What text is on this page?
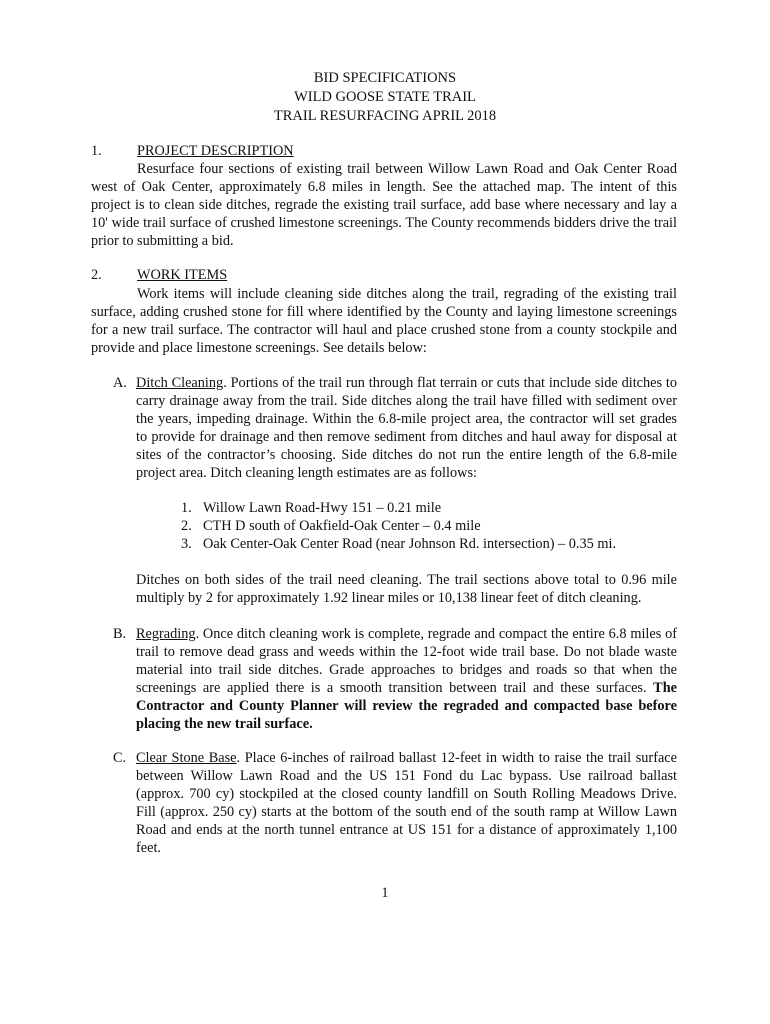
BID SPECIFICATIONS
WILD GOOSE STATE TRAIL
TRAIL RESURFACING APRIL 2018
1. PROJECT DESCRIPTION
Resurface four sections of existing trail between Willow Lawn Road and Oak Center Road west of Oak Center, approximately 6.8 miles in length. See the attached map. The intent of this project is to clean side ditches, regrade the existing trail surface, add base where necessary and lay a 10' wide trail surface of crushed limestone screenings. The County recommends bidders drive the trail prior to submitting a bid.
2. WORK ITEMS
Work items will include cleaning side ditches along the trail, regrading of the existing trail surface, adding crushed stone for fill where identified by the County and laying limestone screenings for a new trail surface. The contractor will haul and place crushed stone from a county stockpile and provide and place limestone screenings. See details below:
A. Ditch Cleaning. Portions of the trail run through flat terrain or cuts that include side ditches to carry drainage away from the trail. Side ditches along the trail have filled with sediment over the years, impeding drainage. Within the 6.8-mile project area, the contractor will set grades to provide for drainage and then remove sediment from ditches and haul away for disposal at sites of the contractor’s choosing. Side ditches do not run the entire length of the 6.8-mile project area. Ditch cleaning length estimates are as follows:
1. Willow Lawn Road-Hwy 151 – 0.21 mile
2. CTH D south of Oakfield-Oak Center – 0.4 mile
3. Oak Center-Oak Center Road (near Johnson Rd. intersection) – 0.35 mi.
Ditches on both sides of the trail need cleaning. The trail sections above total to 0.96 mile multiply by 2 for approximately 1.92 linear miles or 10,138 linear feet of ditch cleaning.
B. Regrading. Once ditch cleaning work is complete, regrade and compact the entire 6.8 miles of trail to remove dead grass and weeds within the 12-foot wide trail base. Do not blade waste material into trail side ditches. Grade approaches to bridges and roads so that when the screenings are applied there is a smooth transition between trail and these surfaces. The Contractor and County Planner will review the regraded and compacted base before placing the new trail surface.
C. Clear Stone Base. Place 6-inches of railroad ballast 12-feet in width to raise the trail surface between Willow Lawn Road and the US 151 Fond du Lac bypass. Use railroad ballast (approx. 700 cy) stockpiled at the closed county landfill on South Rolling Meadows Drive. Fill (approx. 250 cy) starts at the bottom of the south end of the south ramp at Willow Lawn Road and ends at the north tunnel entrance at US 151 for a distance of approximately 1,100 feet.
1
